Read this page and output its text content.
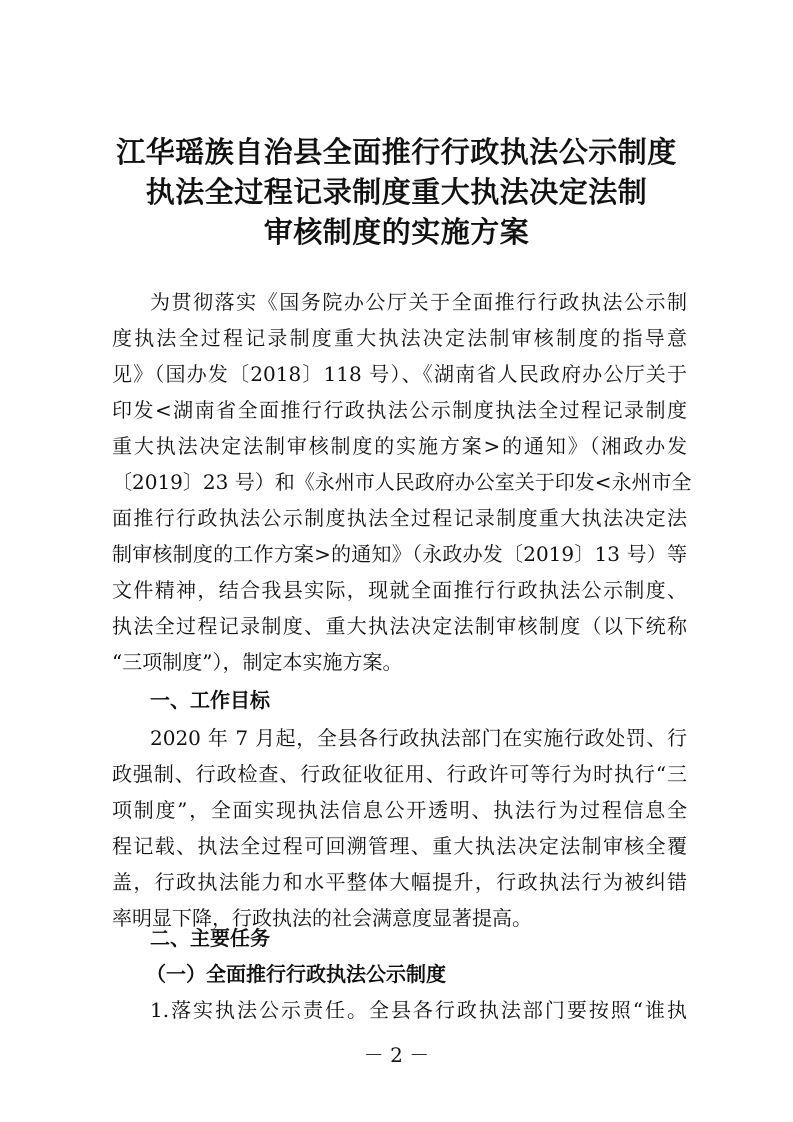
江华瑶族自治县全面推行行政执法公示制度
执法全过程记录制度重大执法决定法制
审核制度的实施方案
为贯彻落实《国务院办公厅关于全面推行行政执法公示制
度执法全过程记录制度重大执法决定法制审核制度的指导意
见》（国办发〔2018〕118 号）、《湖南省人民政府办公厅关于
印发<湖南省全面推行行政执法公示制度执法全过程记录制度
重大执法决定法制审核制度的实施方案>的通知》（湘政办发
〔2019〕23 号）和《永州市人民政府办公室关于印发<永州市全
面推行行政执法公示制度执法全过程记录制度重大执法决定法
制审核制度的工作方案>的通知》（永政办发〔2019〕13 号）等
文件精神，结合我县实际，现就全面推行行政执法公示制度、
执法全过程记录制度、重大执法决定法制审核制度（以下统称
“三项制度”），制定本实施方案。
一、工作目标
2020 年 7 月起，全县各行政执法部门在实施行政处罚、行
政强制、行政检查、行政征收征用、行政许可等行为时执行“三
项制度”，全面实现执法信息公开透明、执法行为过程信息全
程记载、执法全过程可回溯管理、重大执法决定法制审核全覆
盖，行政执法能力和水平整体大幅提升，行政执法行为被纠错
率明显下降，行政执法的社会满意度显著提高。
二、主要任务
（一）全面推行行政执法公示制度
1.落实执法公示责任。全县各行政执法部门要按照“谁执
－ 2 －
